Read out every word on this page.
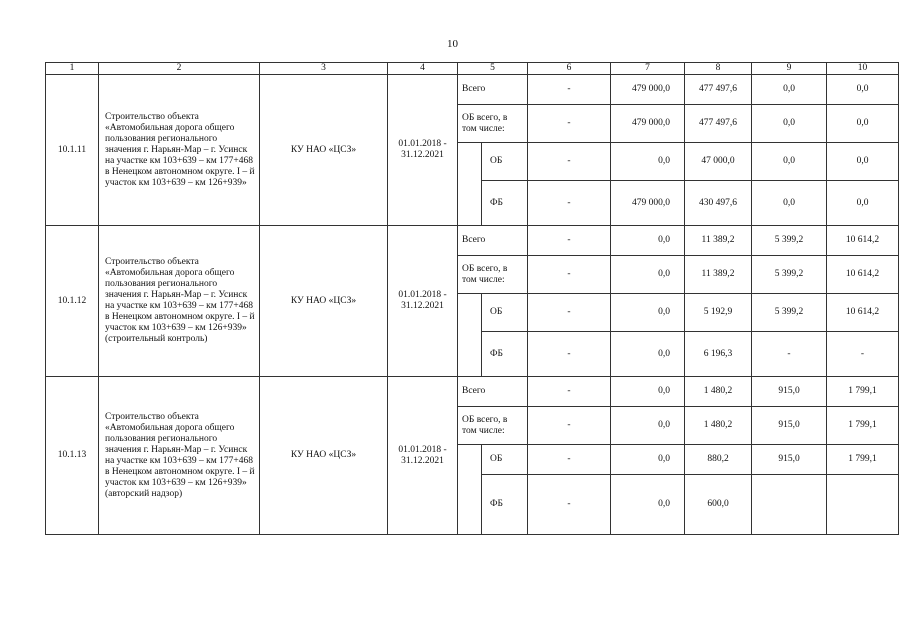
10
1	2	3	4	5		6	7	8	9	10
10.1.11	Строительство объекта «Автомобильная дорога общего пользования регионального значения г. Нарьян-Мар – г. Усинск на участке км 103+639 – км 177+468 в Ненецком автономном округе. I – й участок км 103+639 – км 126+939»	КУ НАО «ЦСЗ»	01.01.2018 - 31.12.2021	Всего		-	479 000,0	477 497,6	0,0	0,0
				ОБ всего, в том числе:		-	479 000,0	477 497,6	0,0	0,0
					ОБ	-	0,0	47 000,0	0,0	0,0
					ФБ	-	479 000,0	430 497,6	0,0	0,0
10.1.12	Строительство объекта «Автомобильная дорога общего пользования регионального значения г. Нарьян-Мар – г. Усинск на участке км 103+639 – км 177+468 в Ненецком автономном округе. I – й участок км 103+639 – км 126+939» (строительный контроль)	КУ НАО «ЦСЗ»	01.01.2018 - 31.12.2021	Всего		-	0,0	11 389,2	5 399,2	10 614,2
				ОБ всего, в том числе:		-	0,0	11 389,2	5 399,2	10 614,2
					ОБ	-	0,0	5 192,9	5 399,2	10 614,2
					ФБ	-	0,0	6 196,3	-	-
10.1.13	Строительство объекта «Автомобильная дорога общего пользования регионального значения г. Нарьян-Мар – г. Усинск на участке км 103+639 – км 177+468 в Ненецком автономном округе. I – й участок км 103+639 – км 126+939» (авторский надзор)	КУ НАО «ЦСЗ»	01.01.2018 - 31.12.2021	Всего		-	0,0	1 480,2	915,0	1 799,1
				ОБ всего, в том числе:		-	0,0	1 480,2	915,0	1 799,1
					ОБ	-	0,0	880,2	915,0	1 799,1
					ФБ	-	0,0	600,0		
